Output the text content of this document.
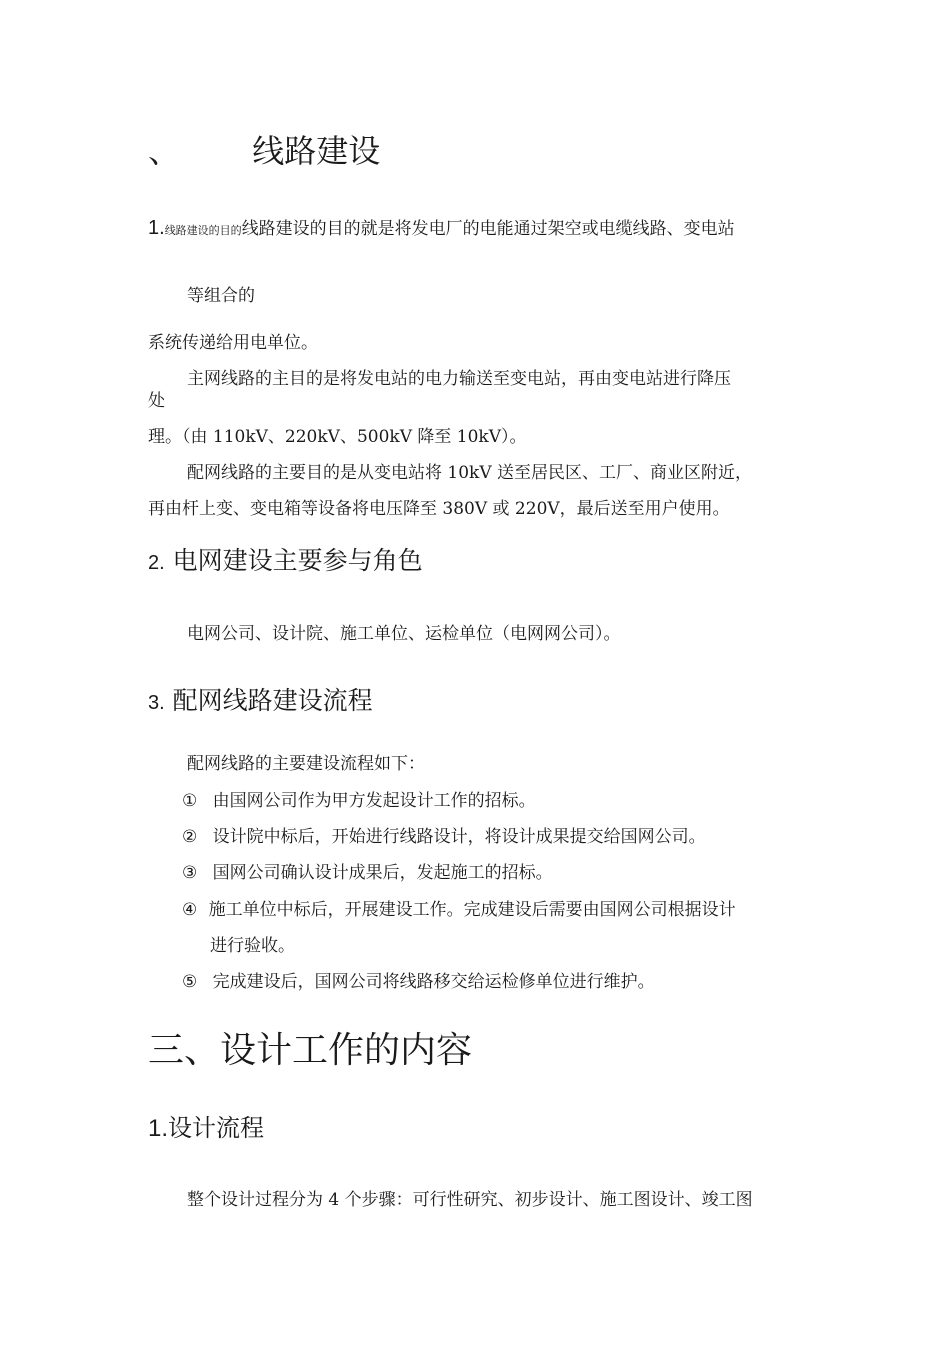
、 线路建设
1.线路建设的目的线路建设的目的就是将发电厂的电能通过架空或电缆线路、变电站
等组合的
系统传递给用电单位。
主网线路的主目的是将发电站的电力输送至变电站，再由变电站进行降压
处
理。（由 110kV、220kV、500kV 降至 10kV）。
配网线路的主要目的是从变电站将 10kV 送至居民区、工厂、商业区附近，
再由杆上变、变电箱等设备将电压降至 380V 或 220V，最后送至用户使用。
2. 电网建设主要参与角色
电网公司、设计院、施工单位、运检单位（电网网公司）。
3. 配网线路建设流程
配网线路的主要建设流程如下：
① 由国网公司作为甲方发起设计工作的招标。
② 设计院中标后，开始进行线路设计，将设计成果提交给国网公司。
③ 国网公司确认设计成果后，发起施工的招标。
④ 施工单位中标后，开展建设工作。完成建设后需要由国网公司根据设计
进行验收。
⑤ 完成建设后，国网公司将线路移交给运检修单位进行维护。
三、设计工作的内容
1.设计流程
整个设计过程分为 4 个步骤：可行性研究、初步设计、施工图设计、竣工图
